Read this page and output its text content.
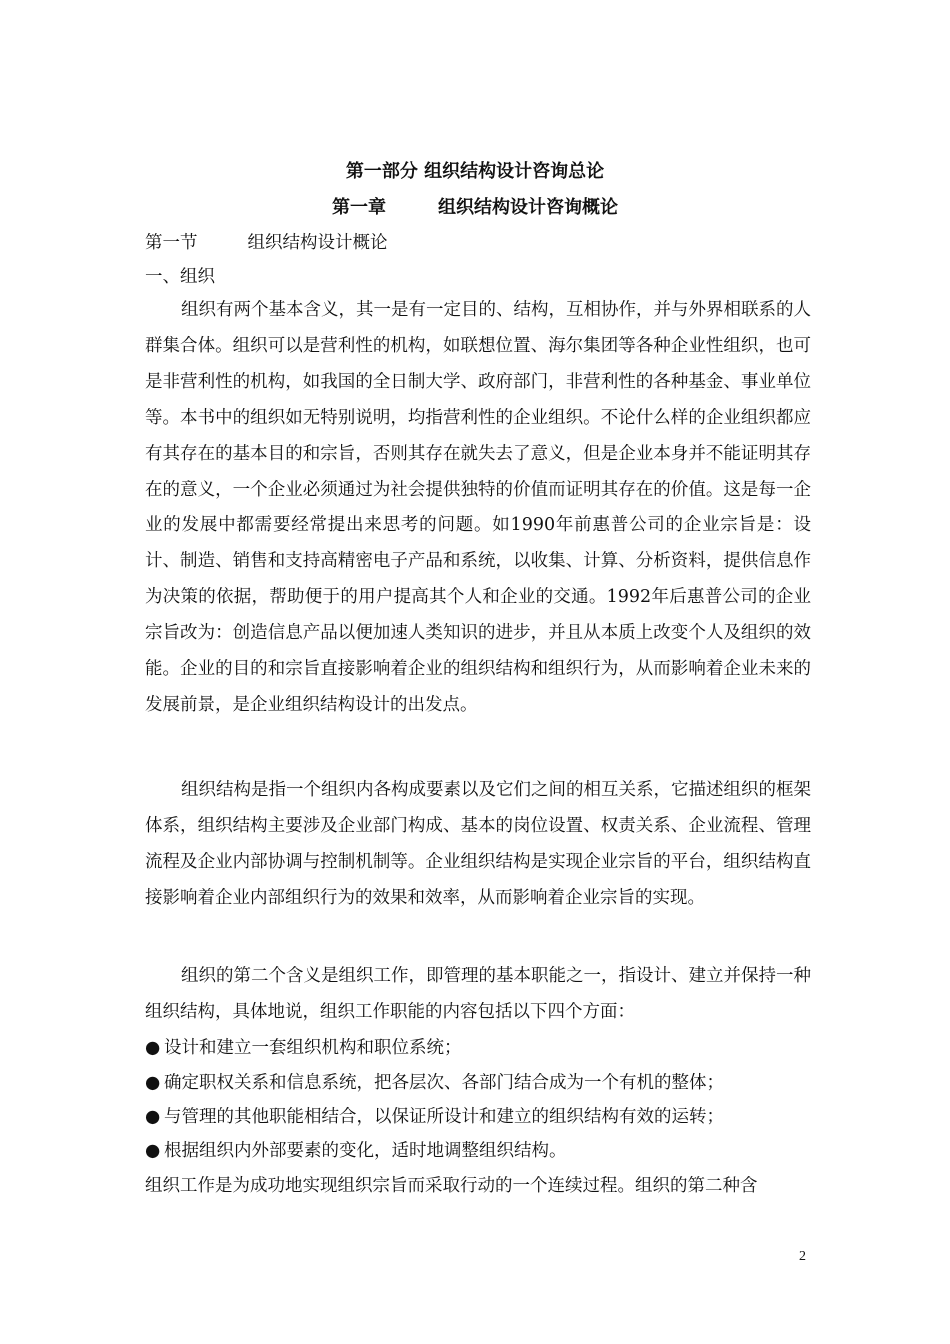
第一部分 组织结构设计咨询总论
第一章	组织结构设计咨询概论
第一节	组织结构设计概论
一、组织

组织有两个基本含义，其一是有一定目的、结构，互相协作，并与外界相联系的人群集合体。组织可以是营利性的机构，如联想位置、海尔集团等各种企业性组织，也可是非营利性的机构，如我国的全日制大学、政府部门，非营利性的各种基金、事业单位等。本书中的组织如无特别说明，均指营利性的企业组织。不论什么样的企业组织都应有其存在的基本目的和宗旨，否则其存在就失去了意义，但是企业本身并不能证明其存在的意义，一个企业必须通过为社会提供独特的价值而证明其存在的价值。这是每一企业的发展中都需要经常提出来思考的问题。如1990年前惠普公司的企业宗旨是：设计、制造、销售和支持高精密电子产品和系统，以收集、计算、分析资料，提供信息作为决策的依据，帮助便于的用户提高其个人和企业的交通。1992年后惠普公司的企业宗旨改为：创造信息产品以便加速人类知识的进步，并且从本质上改变个人及组织的效能。企业的目的和宗旨直接影响着企业的组织结构和组织行为，从而影响着企业未来的发展前景，是企业组织结构设计的出发点。

组织结构是指一个组织内各构成要素以及它们之间的相互关系，它描述组织的框架体系，组织结构主要涉及企业部门构成、基本的岗位设置、权责关系、企业流程、管理流程及企业内部协调与控制机制等。企业组织结构是实现企业宗旨的平台，组织结构直接影响着企业内部组织行为的效果和效率，从而影响着企业宗旨的实现。

组织的第二个含义是组织工作，即管理的基本职能之一，指设计、建立并保持一种组织结构，具体地说，组织工作职能的内容包括以下四个方面：

● 设计和建立一套组织机构和职位系统；
● 确定职权关系和信息系统，把各层次、各部门结合成为一个有机的整体；
● 与管理的其他职能相结合，以保证所设计和建立的组织结构有效的运转；
● 根据组织内外部要素的变化，适时地调整组织结构。
组织工作是为成功地实现组织宗旨而采取行动的一个连续过程。组织的第二种含
2
